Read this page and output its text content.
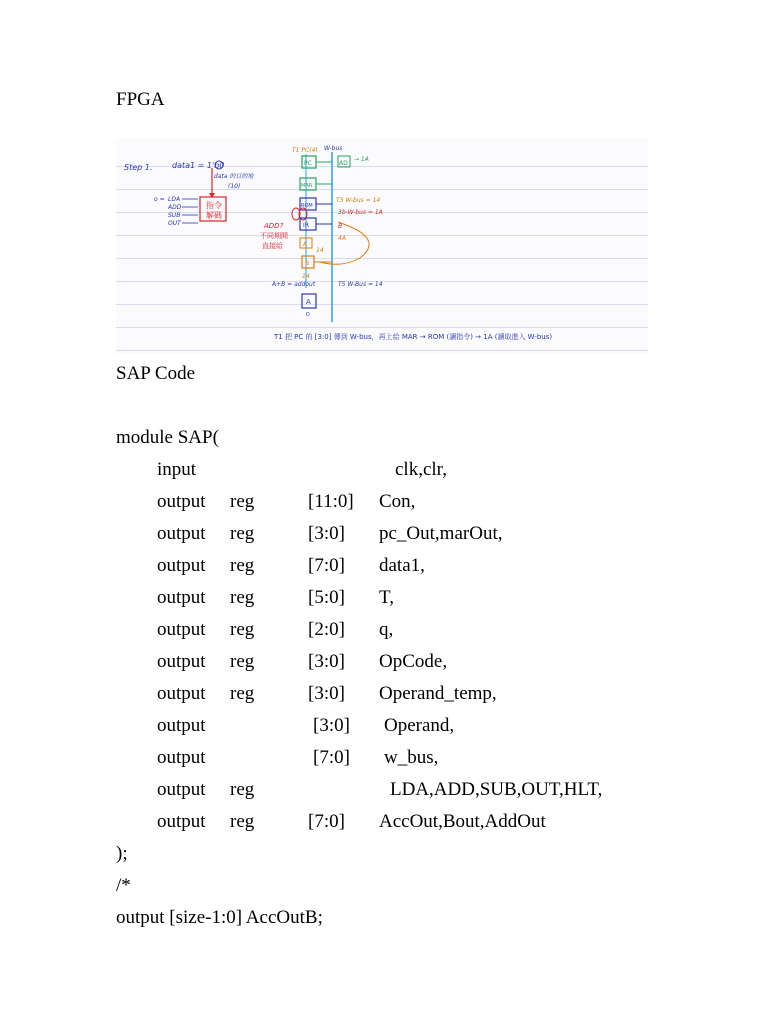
FPGA
Step 1. data1 = 1'b0
data 的目的地
(10)
o = LDA
ADD
SUB
OUT
指令
解碼
T1 PC(4) W-bus
PC	AD
→ 1A
MAR
ROM
T3 W-bus = 14
3b-W-bus = 1A
IR	B
4A
ADD?
不同期間
直接給	A
14
B
14
A+B = addout	T5 W-Bus = 14
A
D
T1 把 PC 的 [3:0] 傳到 W-bus，再上給 MAR → ROM (讀指令) → 1A (讀取進入 W-bus)
SAP Code
module SAP(
input	clk,clr,
output reg	[11:0] Con,
output reg	[3:0] pc_Out,marOut,
output reg	[7:0] data1,
output reg	[5:0] T,
output reg	[2:0] q,
output reg	[3:0] OpCode,
output reg	[3:0] Operand_temp,
output	[3:0] Operand,
output	[7:0] w_bus,
output reg	LDA,ADD,SUB,OUT,HLT,
output reg	[7:0] AccOut,Bout,AddOut
);
/*
output [size-1:0] AccOutB;
